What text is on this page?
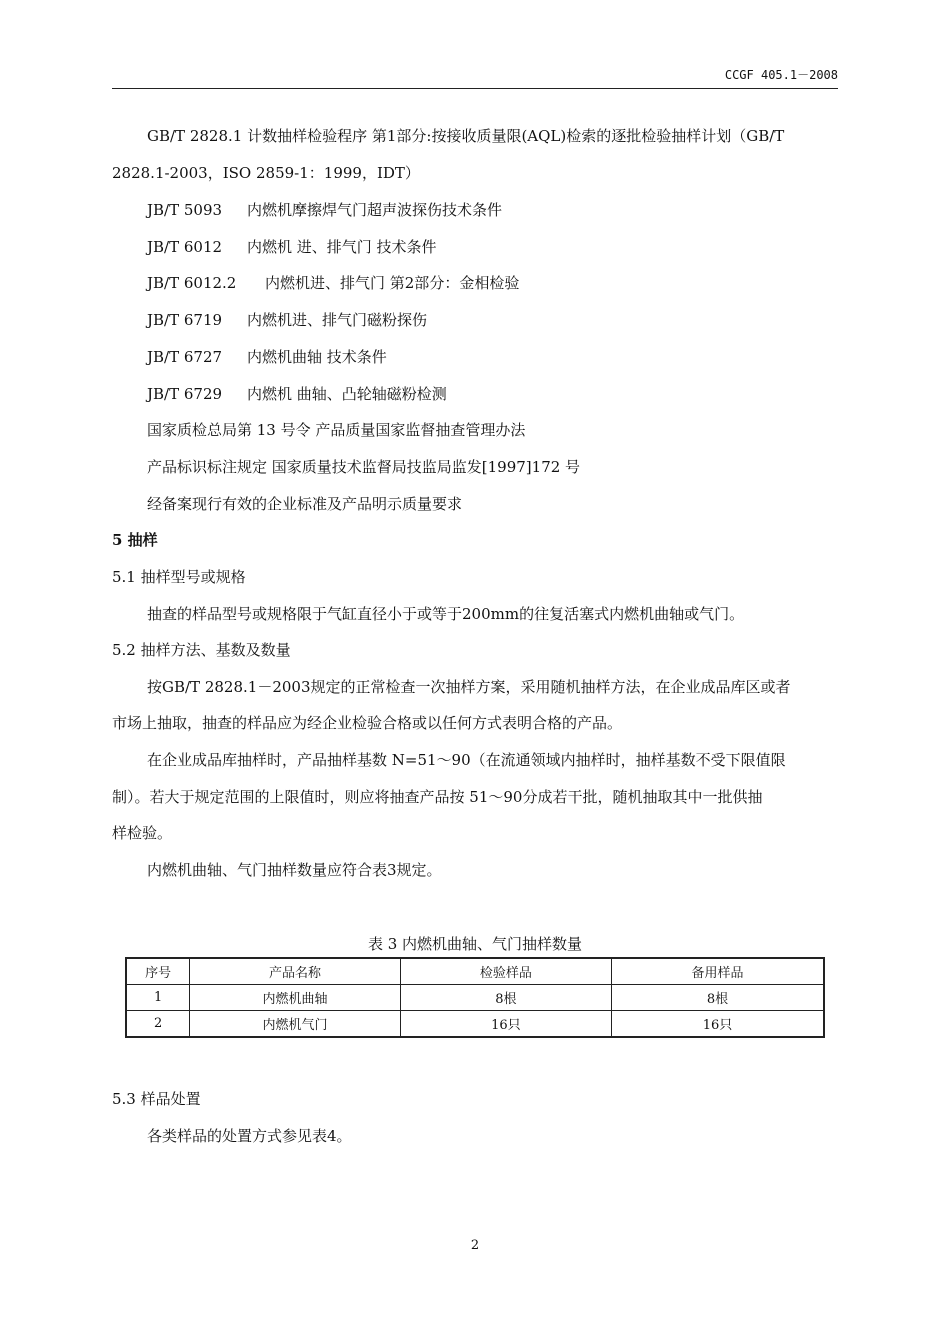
CCGF 405.1－2008
GB/T 2828.1 计数抽样检验程序 第1部分:按接收质量限(AQL)检索的逐批检验抽样计划（GB/T
2828.1-2003，ISO 2859-1：1999，IDT）
JB/T 5093 内燃机摩擦焊气门超声波探伤技术条件
JB/T 6012 内燃机 进、排气门 技术条件
JB/T 6012.2 内燃机进、排气门 第2部分：金相检验
JB/T 6719 内燃机进、排气门磁粉探伤
JB/T 6727 内燃机曲轴 技术条件
JB/T 6729 内燃机 曲轴、凸轮轴磁粉检测
国家质检总局第 13 号令 产品质量国家监督抽查管理办法
产品标识标注规定 国家质量技术监督局技监局监发[1997]172 号
经备案现行有效的企业标准及产品明示质量要求
5 抽样
5.1 抽样型号或规格
抽查的样品型号或规格限于气缸直径小于或等于200mm的往复活塞式内燃机曲轴或气门。
5.2 抽样方法、基数及数量
按GB/T 2828.1－2003规定的正常检查一次抽样方案，采用随机抽样方法，在企业成品库区或者
市场上抽取，抽查的样品应为经企业检验合格或以任何方式表明合格的产品。
在企业成品库抽样时，产品抽样基数 N=51～90（在流通领域内抽样时，抽样基数不受下限值限
制）。若大于规定范围的上限值时，则应将抽查产品按 51～90分成若干批，随机抽取其中一批供抽
样检验。
内燃机曲轴、气门抽样数量应符合表3规定。
表 3 内燃机曲轴、气门抽样数量
序号	产品名称	检验样品	备用样品
1	内燃机曲轴	8根	8根
2	内燃机气门	16只	16只
5.3 样品处置
各类样品的处置方式参见表4。
2
